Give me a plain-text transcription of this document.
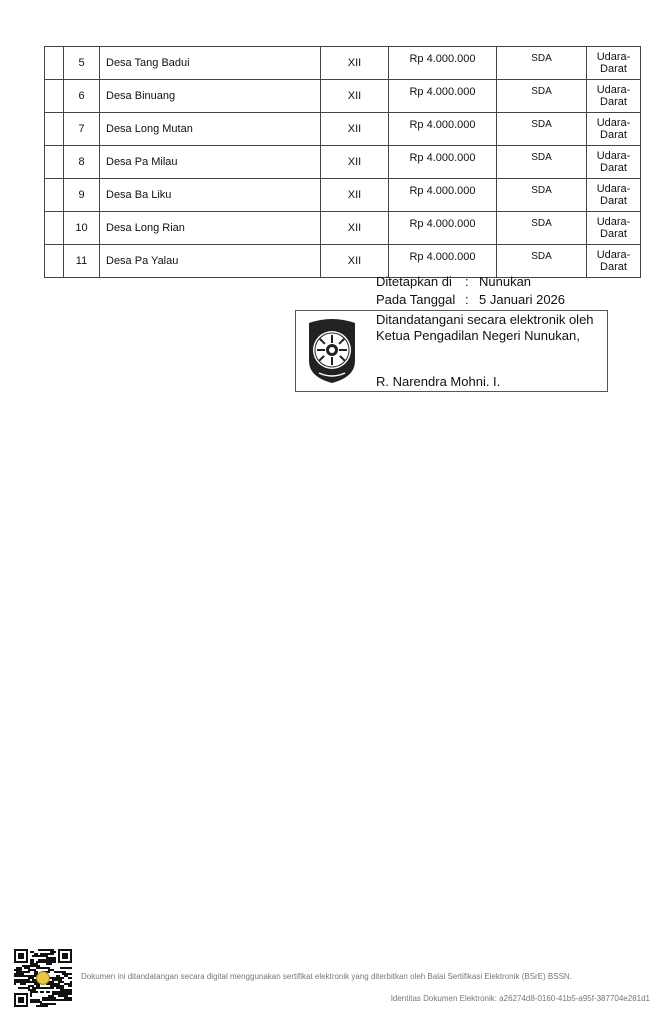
	5	Desa Tang Badui	XII	Rp 4.000.000	SDA	Udara-
Darat

	6	Desa Binuang	XII	Rp 4.000.000	SDA	Udara-
Darat

	7	Desa Long Mutan	XII	Rp 4.000.000	SDA	Udara-
Darat

	8	Desa Pa Milau	XII	Rp 4.000.000	SDA	Udara-
Darat

	9	Desa Ba Liku	XII	Rp 4.000.000	SDA	Udara-
Darat

	10	Desa Long Rian	XII	Rp 4.000.000	SDA	Udara-
Darat

	11	Desa Pa Yalau	XII	Rp 4.000.000	SDA	Udara-
Darat
Ditetapkan di	: Nunukan
Pada Tanggal : 5 Januari 2026
Ditandatangani secara elektronik oleh
Ketua Pengadilan Negeri Nunukan,
R. Narendra Mohni. I.
Dokumen ini ditandatangan secara digital menggunakan sertifikat elektronik yang diterbitkan oleh Balai Sertifikasi Elektronik (BSrE) BSSN.
Identitas Dokumen Elektronik: a26274d8-0160-41b5-a95f-387704e281d1
